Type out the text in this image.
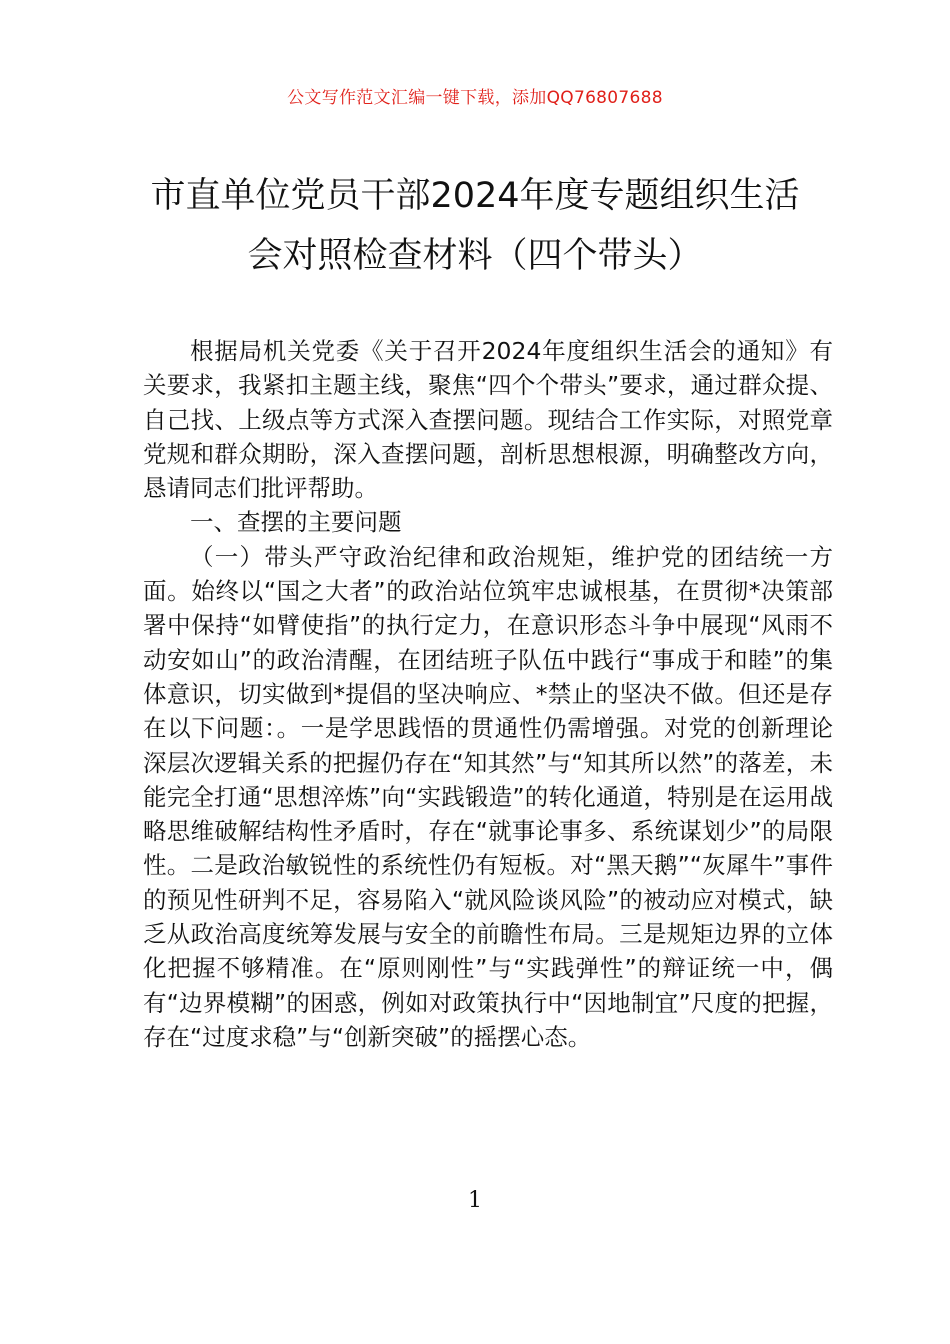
公文写作范文汇编一键下载，添加QQ76807688
市直单位党员干部2024年度专题组织生活
会对照检查材料（四个带头）

根据局机关党委《关于召开2024年度组织生活会的通知》有关要求，我紧扣主题主线，聚焦“四个个带头”要求，通过群众提、自己找、上级点等方式深入查摆问题。现结合工作实际，对照党章党规和群众期盼，深入查摆问题，剖析思想根源，明确整改方向，恳请同志们批评帮助。

一、查摆的主要问题

（一）带头严守政治纪律和政治规矩，维护党的团结统一方面。始终以“国之大者”的政治站位筑牢忠诚根基，在贯彻*决策部署中保持“如臂使指”的执行定力，在意识形态斗争中展现“风雨不动安如山”的政治清醒，在团结班子队伍中践行“事成于和睦”的集体意识，切实做到*提倡的坚决响应、*禁止的坚决不做。但还是存在以下问题：。一是学思践悟的贯通性仍需增强。对党的创新理论深层次逻辑关系的把握仍存在“知其然”与“知其所以然”的落差，未能完全打通“思想淬炼”向“实践锻造”的转化通道，特别是在运用战略思维破解结构性矛盾时，存在“就事论事多、系统谋划少”的局限性。二是政治敏锐性的系统性仍有短板。对“黑天鹅”“灰犀牛”事件的预见性研判不足，容易陷入“就风险谈风险”的被动应对模式，缺乏从政治高度统筹发展与安全的前瞻性布局。三是规矩边界的立体化把握不够精准。在“原则刚性”与“实践弹性”的辩证统一中，偶有“边界模糊”的困惑，例如对政策执行中“因地制宜”尺度的把握，存在“过度求稳”与“创新突破”的摇摆心态。

1
